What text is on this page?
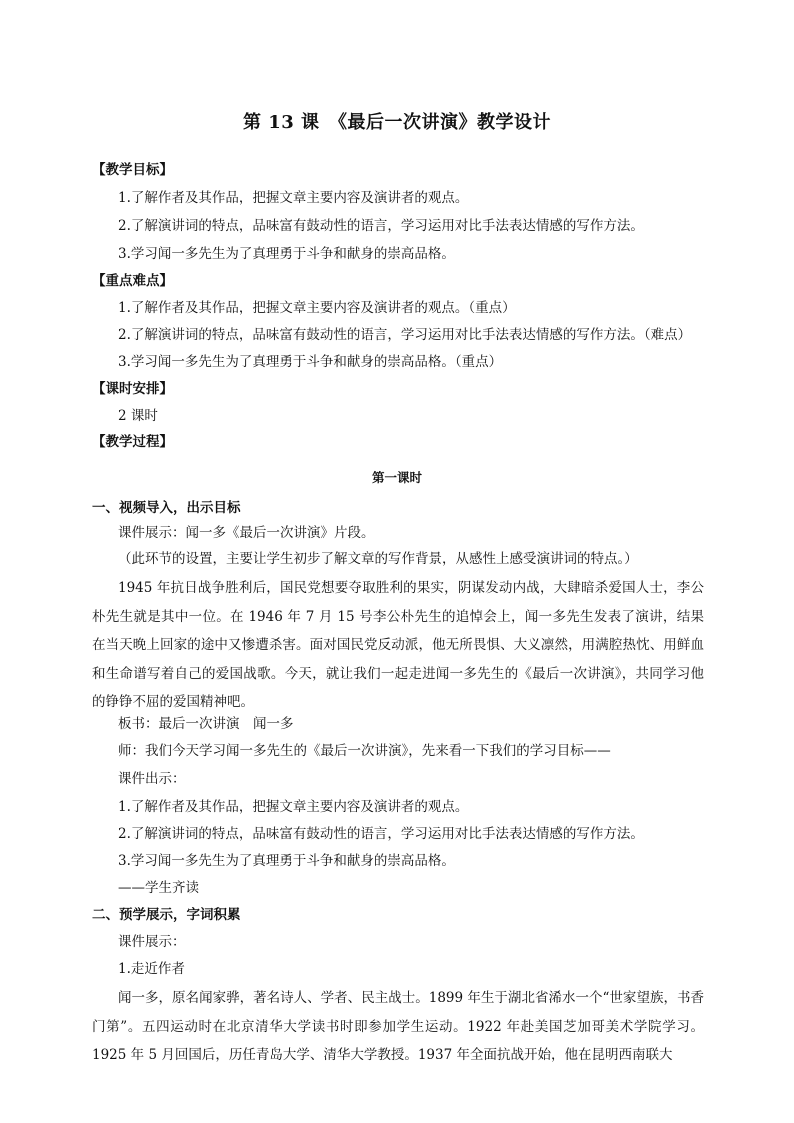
第 13 课　《最后一次讲演》教学设计
【教学目标】
1.了解作者及其作品，把握文章主要内容及演讲者的观点。
2.了解演讲词的特点，品味富有鼓动性的语言，学习运用对比手法表达情感的写作方法。
3.学习闻一多先生为了真理勇于斗争和献身的崇高品格。
【重点难点】
1.了解作者及其作品，把握文章主要内容及演讲者的观点。（重点）
2.了解演讲词的特点，品味富有鼓动性的语言，学习运用对比手法表达情感的写作方法。（难点）
3.学习闻一多先生为了真理勇于斗争和献身的崇高品格。（重点）
【课时安排】
2 课时
【教学过程】
第一课时
一、视频导入，出示目标
课件展示：闻一多《最后一次讲演》片段。
（此环节的设置，主要让学生初步了解文章的写作背景，从感性上感受演讲词的特点。）
1945 年抗日战争胜利后，国民党想要夺取胜利的果实，阴谋发动内战，大肆暗杀爱国人士，李公朴先生就是其中一位。在 1946 年 7 月 15 号李公朴先生的追悼会上，闻一多先生发表了演讲，结果在当天晚上回家的途中又惨遭杀害。面对国民党反动派，他无所畏惧、大义凛然，用满腔热忱、用鲜血和生命谱写着自己的爱国战歌。今天，就让我们一起走进闻一多先生的《最后一次讲演》，共同学习他的铮铮不屈的爱国精神吧。
板书：最后一次讲演　闻一多
师：我们今天学习闻一多先生的《最后一次讲演》，先来看一下我们的学习目标——
课件出示：
1.了解作者及其作品，把握文章主要内容及演讲者的观点。
2.了解演讲词的特点，品味富有鼓动性的语言，学习运用对比手法表达情感的写作方法。
3.学习闻一多先生为了真理勇于斗争和献身的崇高品格。
——学生齐读
二、预学展示，字词积累
课件展示：
1.走近作者
闻一多，原名闻家骅，著名诗人、学者、民主战士。1899 年生于湖北省浠水一个“世家望族，书香门第”。五四运动时在北京清华大学读书时即参加学生运动。1922 年赴美国芝加哥美术学院学习。1925 年 5 月回国后，历任青岛大学、清华大学教授。1937 年全面抗战开始，他在昆明西南联大
